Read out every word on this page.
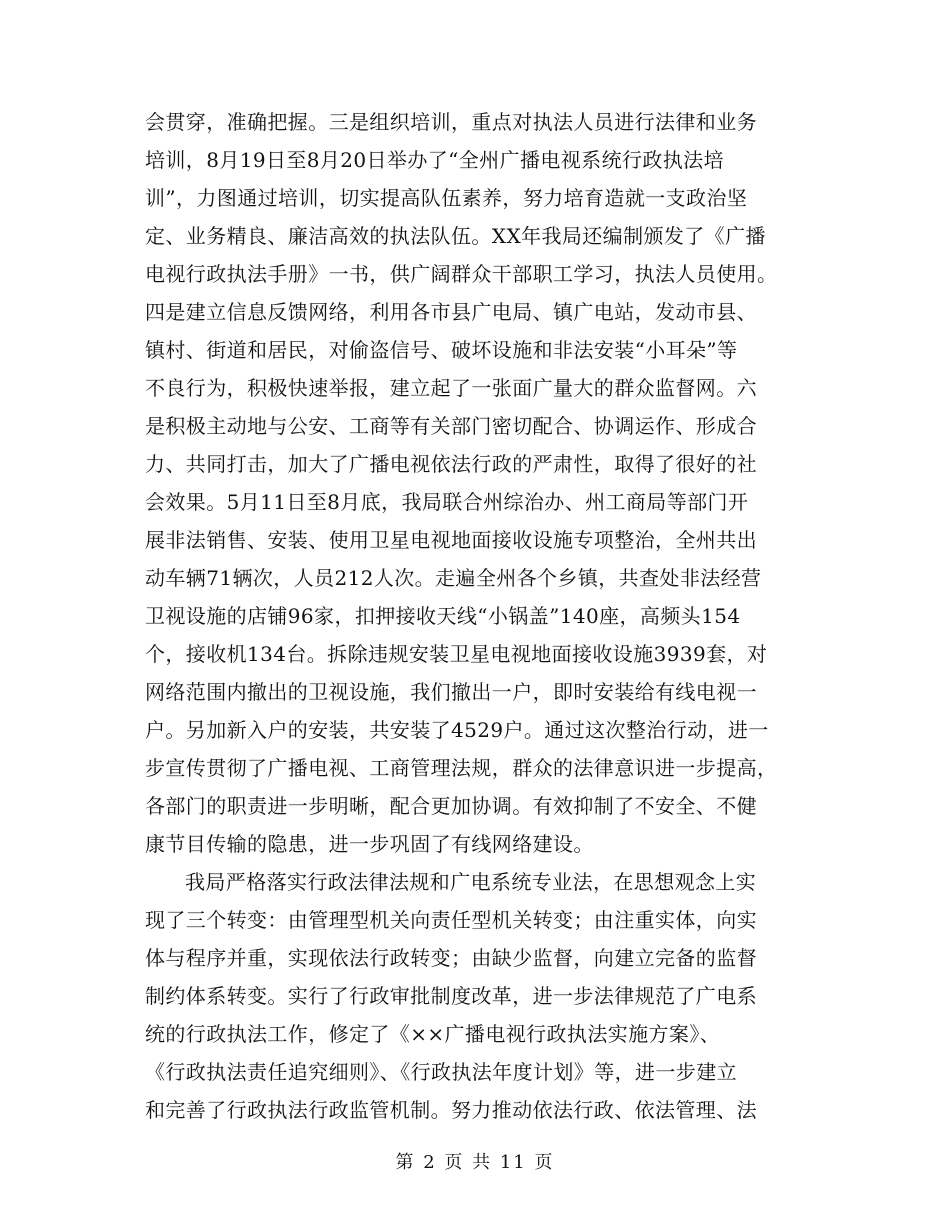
会贯穿，准确把握。三是组织培训，重点对执法人员进行法律和业务
培训，8月19日至8月20日举办了“全州广播电视系统行政执法培
训”，力图通过培训，切实提高队伍素养，努力培育造就一支政治坚
定、业务精良、廉洁高效的执法队伍。XX年我局还编制颁发了《广播
电视行政执法手册》一书，供广阔群众干部职工学习，执法人员使用。
四是建立信息反馈网络，利用各市县广电局、镇广电站，发动市县、
镇村、街道和居民，对偷盗信号、破坏设施和非法安装“小耳朵”等
不良行为，积极快速举报，建立起了一张面广量大的群众监督网。六
是积极主动地与公安、工商等有关部门密切配合、协调运作、形成合
力、共同打击，加大了广播电视依法行政的严肃性，取得了很好的社
会效果。5月11日至8月底，我局联合州综治办、州工商局等部门开
展非法销售、安装、使用卫星电视地面接收设施专项整治，全州共出
动车辆71辆次，人员212人次。走遍全州各个乡镇，共查处非法经营
卫视设施的店铺96家，扣押接收天线“小锅盖”140座，高频头154
个，接收机134台。拆除违规安装卫星电视地面接收设施3939套，对
网络范围内撤出的卫视设施，我们撤出一户，即时安装给有线电视一
户。另加新入户的安装，共安装了4529户。通过这次整治行动，进一
步宣传贯彻了广播电视、工商管理法规，群众的法律意识进一步提高，
各部门的职责进一步明晰，配合更加协调。有效抑制了不安全、不健
康节目传输的隐患，进一步巩固了有线网络建设。
我局严格落实行政法律法规和广电系统专业法，在思想观念上实
现了三个转变：由管理型机关向责任型机关转变；由注重实体，向实
体与程序并重，实现依法行政转变；由缺少监督，向建立完备的监督
制约体系转变。实行了行政审批制度改革，进一步法律规范了广电系
统的行政执法工作，修定了《××广播电视行政执法实施方案》、
《行政执法责任追究细则》、《行政执法年度计划》等，进一步建立
和完善了行政执法行政监管机制。努力推动依法行政、依法管理、法
第 2 页 共 11 页
